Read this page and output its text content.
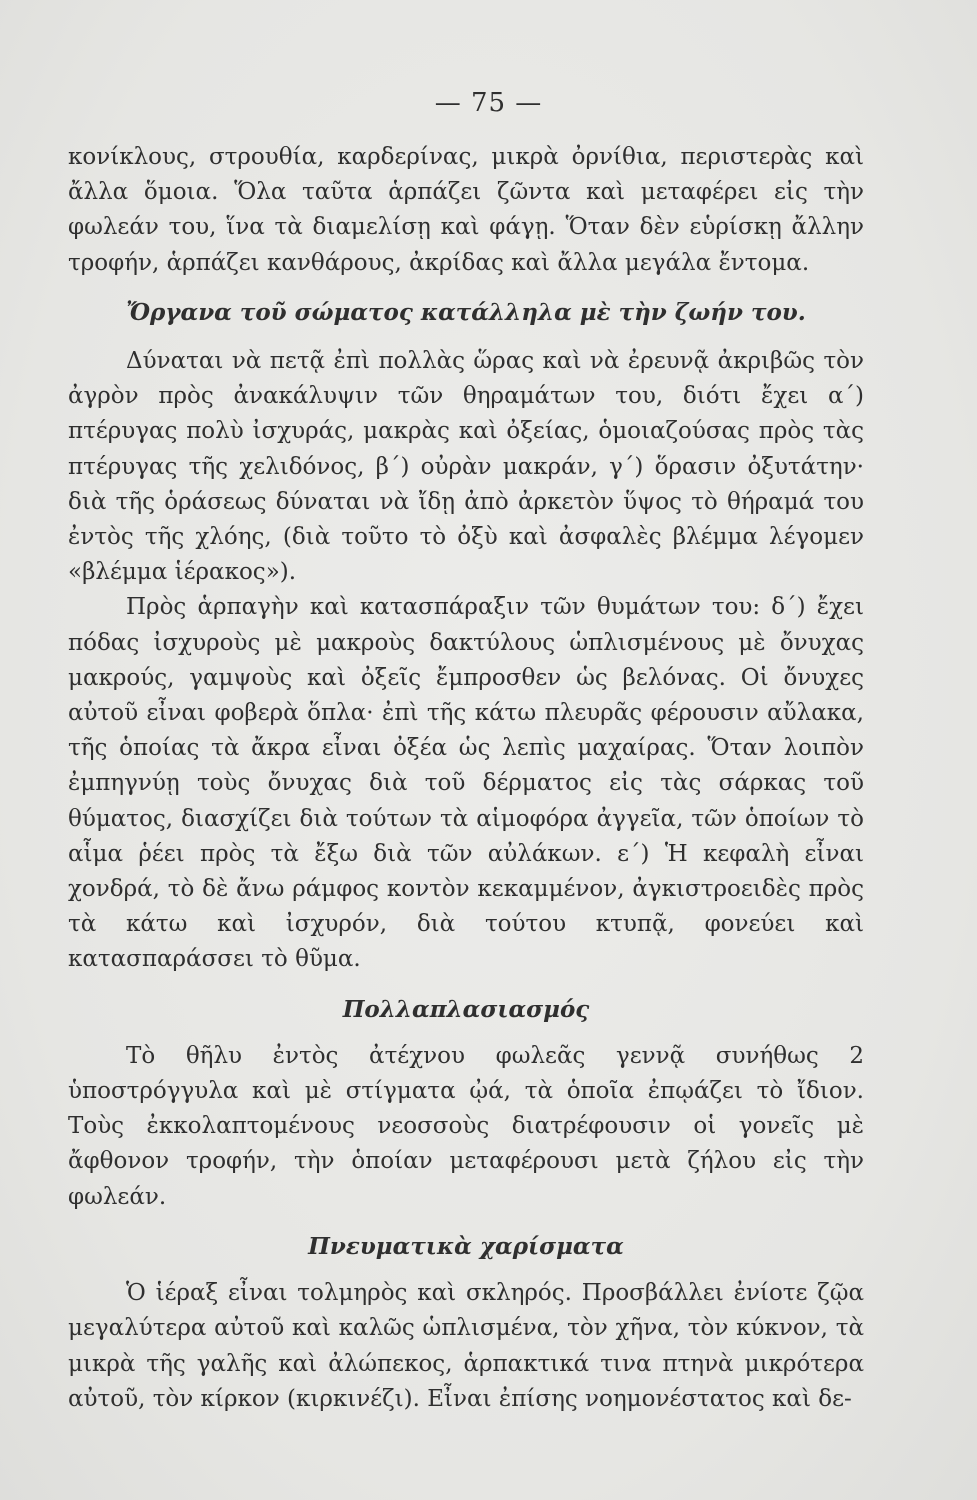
— 75 —

κονίκλους, στρουθία, καρδερίνας, μικρὰ ὀρνίθια, περιστερὰς καὶ ἄλλα ὅμοια. Ὅλα ταῦτα ἁρπάζει ζῶντα καὶ μεταφέρει εἰς τὴν φωλεάν του, ἵνα τὰ διαμελίσῃ καὶ φάγῃ. Ὅταν δὲν εὑρίσκῃ ἄλλην τροφήν, ἁρπάζει κανθάρους, ἀκρίδας καὶ ἄλλα μεγάλα ἔντομα.

Ὄργανα τοῦ σώματος κατάλληλα μὲ τὴν ζωήν του.

Δύναται νὰ πετᾷ ἐπὶ πολλὰς ὥρας καὶ νὰ ἐρευνᾷ ἀκριβῶς τὸν ἀγρὸν πρὸς ἀνακάλυψιν τῶν θηραμάτων του, διότι ἔχει α΄) πτέρυγας πολὺ ἰσχυράς, μακρὰς καὶ ὀξείας, ὁμοιαζούσας πρὸς τὰς πτέρυγας τῆς χελιδόνος, β΄) οὐρὰν μακράν, γ΄) ὅρασιν ὀξυτάτην· διὰ τῆς ὁράσεως δύναται νὰ ἴδῃ ἀπὸ ἀρκετὸν ὕψος τὸ θήραμά του ἐντὸς τῆς χλόης, (διὰ τοῦτο τὸ ὀξὺ καὶ ἀσφαλὲς βλέμμα λέγομεν «βλέμμα ἱέρακος»).

Πρὸς ἁρπαγὴν καὶ κατασπάραξιν τῶν θυμάτων του: δ΄) ἔχει πόδας ἰσχυροὺς μὲ μακροὺς δακτύλους ὡπλισμένους μὲ ὄνυχας μακρούς, γαμψοὺς καὶ ὀξεῖς ἔμπροσθεν ὡς βελόνας. Οἱ ὄνυχες αὐτοῦ εἶναι φοβερὰ ὅπλα· ἐπὶ τῆς κάτω πλευρᾶς φέρουσιν αὔλακα, τῆς ὁποίας τὰ ἄκρα εἶναι ὀξέα ὡς λεπὶς μαχαίρας. Ὅταν λοιπὸν ἐμπηγνύῃ τοὺς ὄνυχας διὰ τοῦ δέρματος εἰς τὰς σάρκας τοῦ θύματος, διασχίζει διὰ τούτων τὰ αἱμοφόρα ἀγγεῖα, τῶν ὁποίων τὸ αἷμα ῥέει πρὸς τὰ ἔξω διὰ τῶν αὐλάκων. ε΄) Ἡ κεφαλὴ εἶναι χονδρά, τὸ δὲ ἄνω ράμφος κοντὸν κεκαμμένον, ἀγκιστροειδὲς πρὸς τὰ κάτω καὶ ἰσχυρόν, διὰ τούτου κτυπᾷ, φονεύει καὶ κατασπαράσσει τὸ θῦμα.

Πολλαπλασιασμός

Τὸ θῆλυ ἐντὸς ἀτέχνου φωλεᾶς γεννᾷ συνήθως 2 ὑποστρόγγυλα καὶ μὲ στίγματα ᾠά, τὰ ὁποῖα ἐπῳάζει τὸ ἴδιον. Τοὺς ἐκκολαπτομένους νεοσσοὺς διατρέφουσιν οἱ γονεῖς μὲ ἄφθονον τροφήν, τὴν ὁποίαν μεταφέρουσι μετὰ ζήλου εἰς τὴν φωλεάν.

Πνευματικὰ χαρίσματα

Ὁ ἱέραξ εἶναι τολμηρὸς καὶ σκληρός. Προσβάλλει ἐνίοτε ζῷα μεγαλύτερα αὐτοῦ καὶ καλῶς ὡπλισμένα, τὸν χῆνα, τὸν κύκνον, τὰ μικρὰ τῆς γαλῆς καὶ ἀλώπεκος, ἁρπακτικά τινα πτηνὰ μικρότερα αὐτοῦ, τὸν κίρκον (κιρκινέζι). Εἶναι ἐπίσης νοημονέστατος καὶ δε-
